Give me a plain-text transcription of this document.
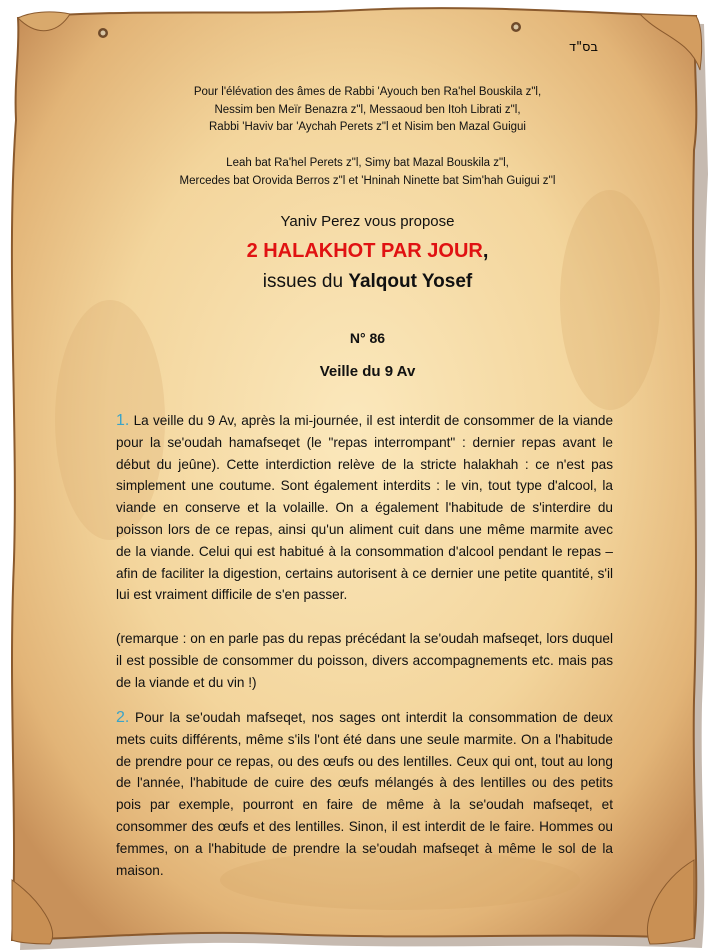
בס"ד
Pour l'élévation des âmes de Rabbi 'Ayouch ben Ra'hel Bouskila z"l,
Nessim ben Meïr Benazra z"l, Messaoud ben Itoh Librati z"l,
Rabbi 'Haviv bar 'Aychah Perets z"l et Nisim ben Mazal Guigui
Leah bat Ra'hel Perets z"l, Simy bat Mazal Bouskila z"l,
Mercedes bat Orovida Berros z"l et 'Hninah Ninette bat Sim'hah Guigui z''l
Yaniv Perez vous propose
2 HALAKHOT PAR JOUR,
issues du Yalqout Yosef
N° 86
Veille du 9 Av
1. La veille du 9 Av, après la mi-journée, il est interdit de consommer de la viande pour la se'oudah hamafseqet (le "repas interrompant" : dernier repas avant le début du jeûne). Cette interdiction relève de la stricte halakhah : ce n'est pas simplement une coutume. Sont également interdits : le vin, tout type d'alcool, la viande en conserve et la volaille. On a également l'habitude de s'interdire du poisson lors de ce repas, ainsi qu'un aliment cuit dans une même marmite avec de la viande. Celui qui est habitué à la consommation d'alcool pendant le repas – afin de faciliter la digestion, certains autorisent à ce dernier une petite quantité, s'il lui est vraiment difficile de s'en passer.
(remarque : on en parle pas du repas précédant la se'oudah mafseqet, lors duquel il est possible de consommer du poisson, divers accompagnements etc. mais pas de la viande et du vin !)
2. Pour la se'oudah mafseqet, nos sages ont interdit la consommation de deux mets cuits différents, même s'ils l'ont été dans une seule marmite. On a l'habitude de prendre pour ce repas, ou des œufs ou des lentilles. Ceux qui ont, tout au long de l'année, l'habitude de cuire des œufs mélangés à des lentilles ou des petits pois par exemple, pourront en faire de même à la se'oudah mafseqet, et consommer des œufs et des lentilles. Sinon, il est interdit de le faire. Hommes ou femmes, on a l'habitude de prendre la se'oudah mafseqet à même le sol de la maison.
